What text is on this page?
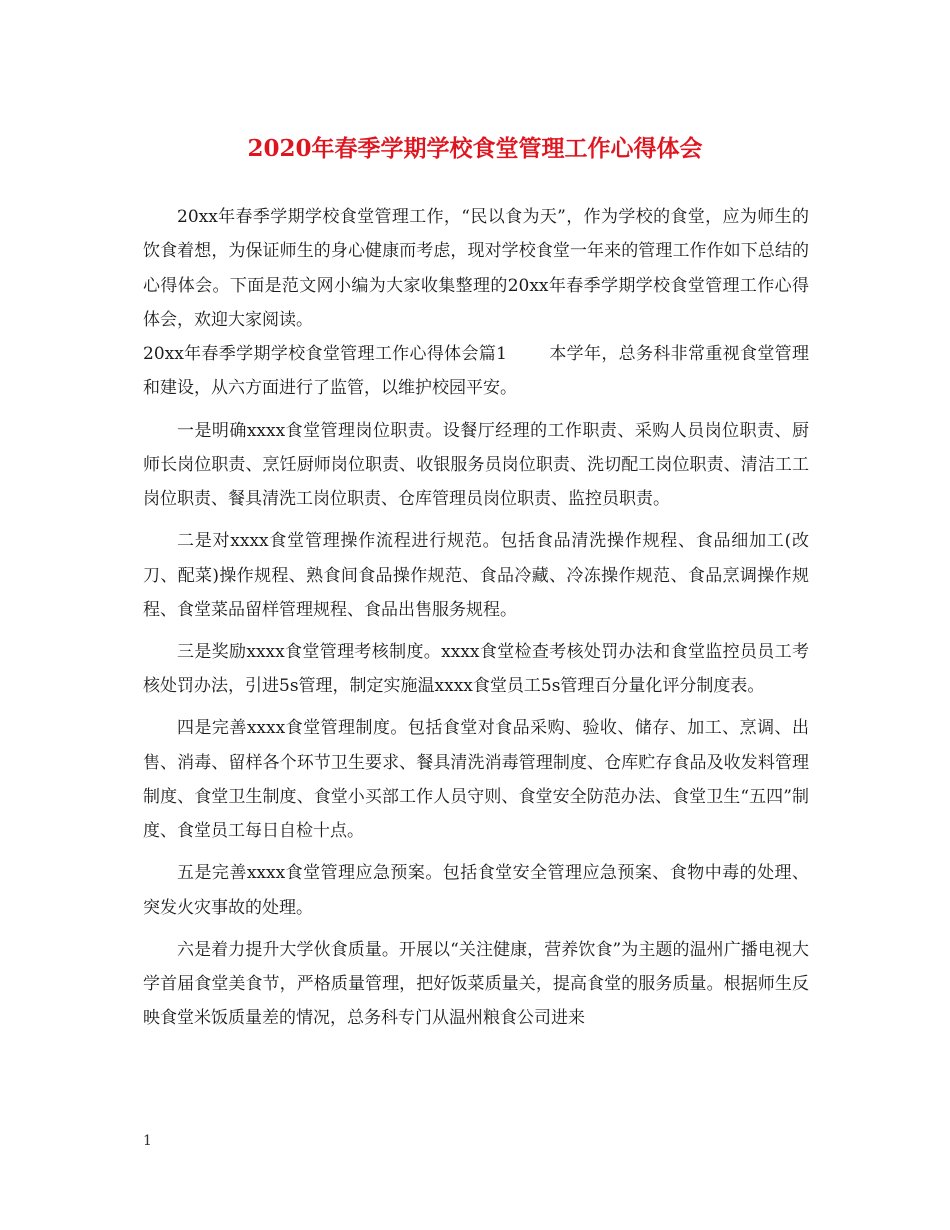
2020年春季学期学校食堂管理工作心得体会

20xx年春季学期学校食堂管理工作，“民以食为天”，作为学校的食堂，应为师生的饮食着想，为保证师生的身心健康而考虑，现对学校食堂一年来的管理工作作如下总结的心得体会。下面是范文网小编为大家收集整理的20xx年春季学期学校食堂管理工作心得体会，欢迎大家阅读。

20xx年春季学期学校食堂管理工作心得体会篇1 本学年，总务科非常重视食堂管理和建设，从六方面进行了监管，以维护校园平安。

一是明确xxxx食堂管理岗位职责。设餐厅经理的工作职责、采购人员岗位职责、厨师长岗位职责、烹饪厨师岗位职责、收银服务员岗位职责、洗切配工岗位职责、清洁工工岗位职责、餐具清洗工岗位职责、仓库管理员岗位职责、监控员职责。

二是对xxxx食堂管理操作流程进行规范。包括食品清洗操作规程、食品细加工(改刀、配菜)操作规程、熟食间食品操作规范、食品冷藏、冷冻操作规范、食品烹调操作规程、食堂菜品留样管理规程、食品出售服务规程。

三是奖励xxxx食堂管理考核制度。xxxx食堂检查考核处罚办法和食堂监控员员工考核处罚办法，引进5s管理，制定实施温xxxx食堂员工5s管理百分量化评分制度表。

四是完善xxxx食堂管理制度。包括食堂对食品采购、验收、储存、加工、烹调、出售、消毒、留样各个环节卫生要求、餐具清洗消毒管理制度、仓库贮存食品及收发料管理制度、食堂卫生制度、食堂小买部工作人员守则、食堂安全防范办法、食堂卫生“五四”制度、食堂员工每日自检十点。

五是完善xxxx食堂管理应急预案。包括食堂安全管理应急预案、食物中毒的处理、突发火灾事故的处理。

六是着力提升大学伙食质量。开展以“关注健康，营养饮食”为主题的温州广播电视大学首届食堂美食节，严格质量管理，把好饭菜质量关，提高食堂的服务质量。根据师生反映食堂米饭质量差的情况，总务科专门从温州粮食公司进来

1
